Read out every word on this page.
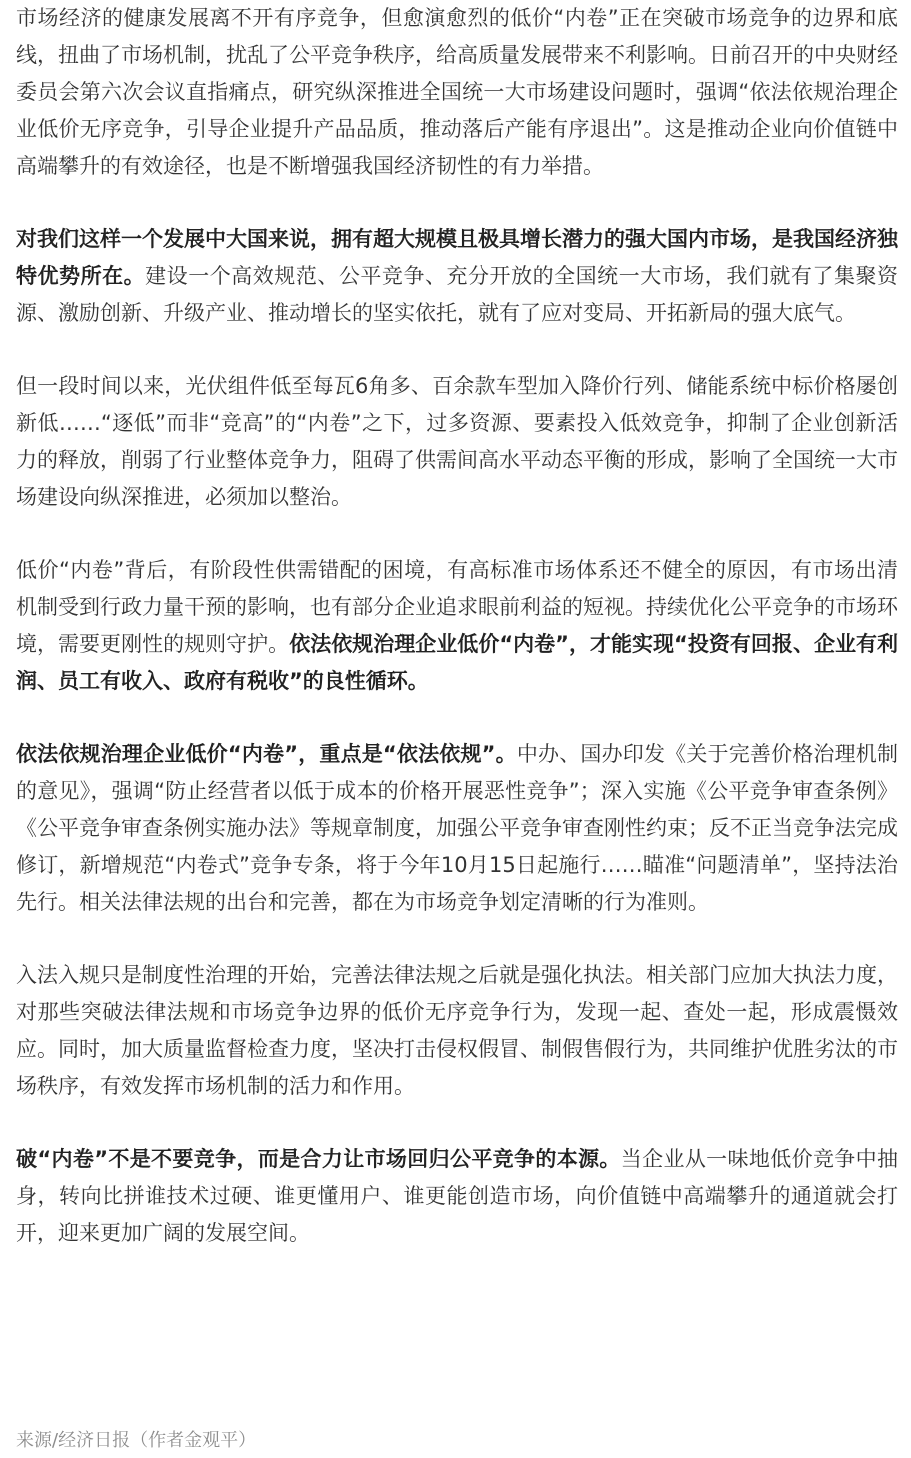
市场经济的健康发展离不开有序竞争，但愈演愈烈的低价“内卷”正在突破市场竞争的边界和底线，扭曲了市场机制，扰乱了公平竞争秩序，给高质量发展带来不利影响。日前召开的中央财经委员会第六次会议直指痛点，研究纵深推进全国统一大市场建设问题时，强调“依法依规治理企业低价无序竞争，引导企业提升产品品质，推动落后产能有序退出”。这是推动企业向价值链中高端攀升的有效途径，也是不断增强我国经济韧性的有力举措。

对我们这样一个发展中大国来说，拥有超大规模且极具增长潜力的强大国内市场，是我国经济独特优势所在。建设一个高效规范、公平竞争、充分开放的全国统一大市场，我们就有了集聚资源、激励创新、升级产业、推动增长的坚实依托，就有了应对变局、开拓新局的强大底气。

但一段时间以来，光伏组件低至每瓦6角多、百余款车型加入降价行列、储能系统中标价格屡创新低……“逐低”而非“竞高”的“内卷”之下，过多资源、要素投入低效竞争，抑制了企业创新活力的释放，削弱了行业整体竞争力，阻碍了供需间高水平动态平衡的形成，影响了全国统一大市场建设向纵深推进，必须加以整治。

低价“内卷”背后，有阶段性供需错配的困境，有高标准市场体系还不健全的原因，有市场出清机制受到行政力量干预的影响，也有部分企业追求眼前利益的短视。持续优化公平竞争的市场环境，需要更刚性的规则守护。依法依规治理企业低价“内卷”，才能实现“投资有回报、企业有利润、员工有收入、政府有税收”的良性循环。

依法依规治理企业低价“内卷”，重点是“依法依规”。中办、国办印发《关于完善价格治理机制的意见》，强调“防止经营者以低于成本的价格开展恶性竞争”；深入实施《公平竞争审查条例》《公平竞争审查条例实施办法》等规章制度，加强公平竞争审查刚性约束；反不正当竞争法完成修订，新增规范“内卷式”竞争专条，将于今年10月15日起施行……瞄准“问题清单”，坚持法治先行。相关法律法规的出台和完善，都在为市场竞争划定清晰的行为准则。

入法入规只是制度性治理的开始，完善法律法规之后就是强化执法。相关部门应加大执法力度，对那些突破法律法规和市场竞争边界的低价无序竞争行为，发现一起、查处一起，形成震慑效应。同时，加大质量监督检查力度，坚决打击侵权假冒、制假售假行为，共同维护优胜劣汰的市场秩序，有效发挥市场机制的活力和作用。

破“内卷”不是不要竞争，而是合力让市场回归公平竞争的本源。当企业从一味地低价竞争中抽身，转向比拼谁技术过硬、谁更懂用户、谁更能创造市场，向价值链中高端攀升的通道就会打开，迎来更加广阔的发展空间。

来源/经济日报（作者金观平）
